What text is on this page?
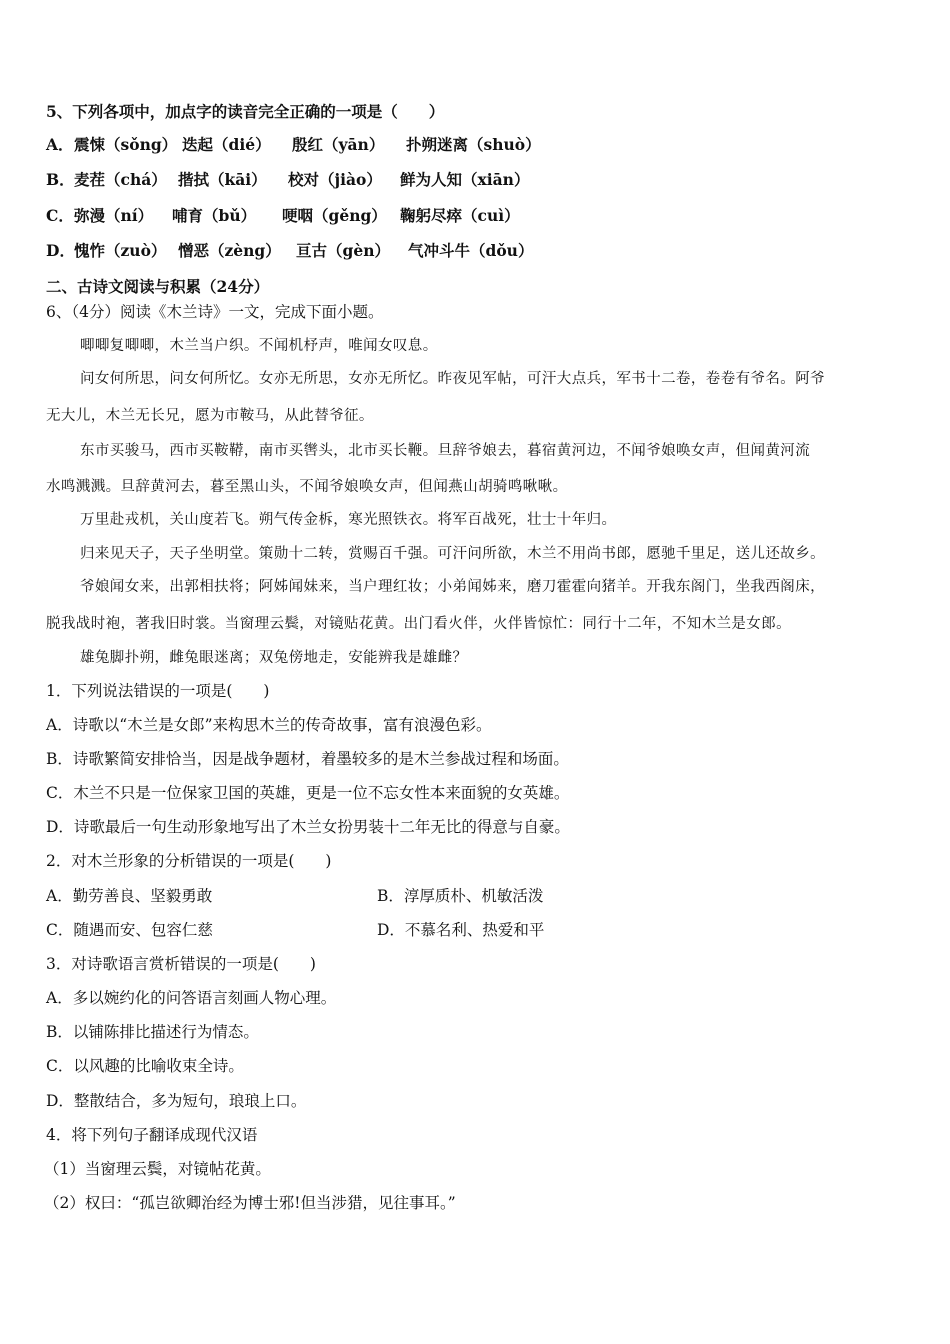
5、下列各项中，加点字的读音完全正确的一项是（　　）
A． 震悚（sǒng） 迭起（dié） 殷红（yān） 扑朔迷离（shuò）
B． 麦茬（chá） 揩拭（kāi） 校对（jiào） 鲜为人知（xiān）
C． 弥漫（ní） 哺育（bǔ） 哽咽（gěng） 鞠躬尽瘁（cuì）
D． 愧怍（zuò） 憎恶（zèng） 亘古（gèn） 气冲斗牛（dǒu）
二、古诗文阅读与积累（24分）
6、（4分）阅读《木兰诗》一文，完成下面小题。
唧唧复唧唧，木兰当户织。不闻机杼声，唯闻女叹息。
问女何所思，问女何所忆。女亦无所思，女亦无所忆。昨夜见军帖，可汗大点兵，军书十二卷，卷卷有爷名。阿爷
无大儿，木兰无长兄，愿为市鞍马，从此替爷征。
东市买骏马，西市买鞍鞯，南市买辔头，北市买长鞭。旦辞爷娘去，暮宿黄河边，不闻爷娘唤女声，但闻黄河流
水鸣溅溅。旦辞黄河去，暮至黑山头，不闻爷娘唤女声，但闻燕山胡骑鸣啾啾。
万里赴戎机，关山度若飞。朔气传金柝，寒光照铁衣。将军百战死，壮士十年归。
归来见天子，天子坐明堂。策勋十二转，赏赐百千强。可汗问所欲，木兰不用尚书郎，愿驰千里足，送儿还故乡。
爷娘闻女来，出郭相扶将；阿姊闻妹来，当户理红妆；小弟闻姊来，磨刀霍霍向猪羊。开我东阁门，坐我西阁床，
脱我战时袍，著我旧时裳。当窗理云鬓，对镜贴花黄。出门看火伴，火伴皆惊忙：同行十二年，不知木兰是女郎。
雄兔脚扑朔，雌兔眼迷离；双兔傍地走，安能辨我是雄雌？
1．下列说法错误的一项是(　　)
A．诗歌以“木兰是女郎”来构思木兰的传奇故事，富有浪漫色彩。
B．诗歌繁简安排恰当，因是战争题材，着墨较多的是木兰参战过程和场面。
C．木兰不只是一位保家卫国的英雄，更是一位不忘女性本来面貌的女英雄。
D．诗歌最后一句生动形象地写出了木兰女扮男装十二年无比的得意与自豪。
2．对木兰形象的分析错误的一项是(　　)
A．勤劳善良、坚毅勇敢	B．淳厚质朴、机敏活泼
C．随遇而安、包容仁慈	D．不慕名利、热爱和平
3．对诗歌语言赏析错误的一项是(　　)
A．多以婉约化的问答语言刻画人物心理。
B．以铺陈排比描述行为情态。
C．以风趣的比喻收束全诗。
D．整散结合，多为短句，琅琅上口。
4．将下列句子翻译成现代汉语
（1）当窗理云鬓，对镜帖花黄。
（2）权曰：“孤岂欲卿治经为博士邪!但当涉猎，见往事耳。”
